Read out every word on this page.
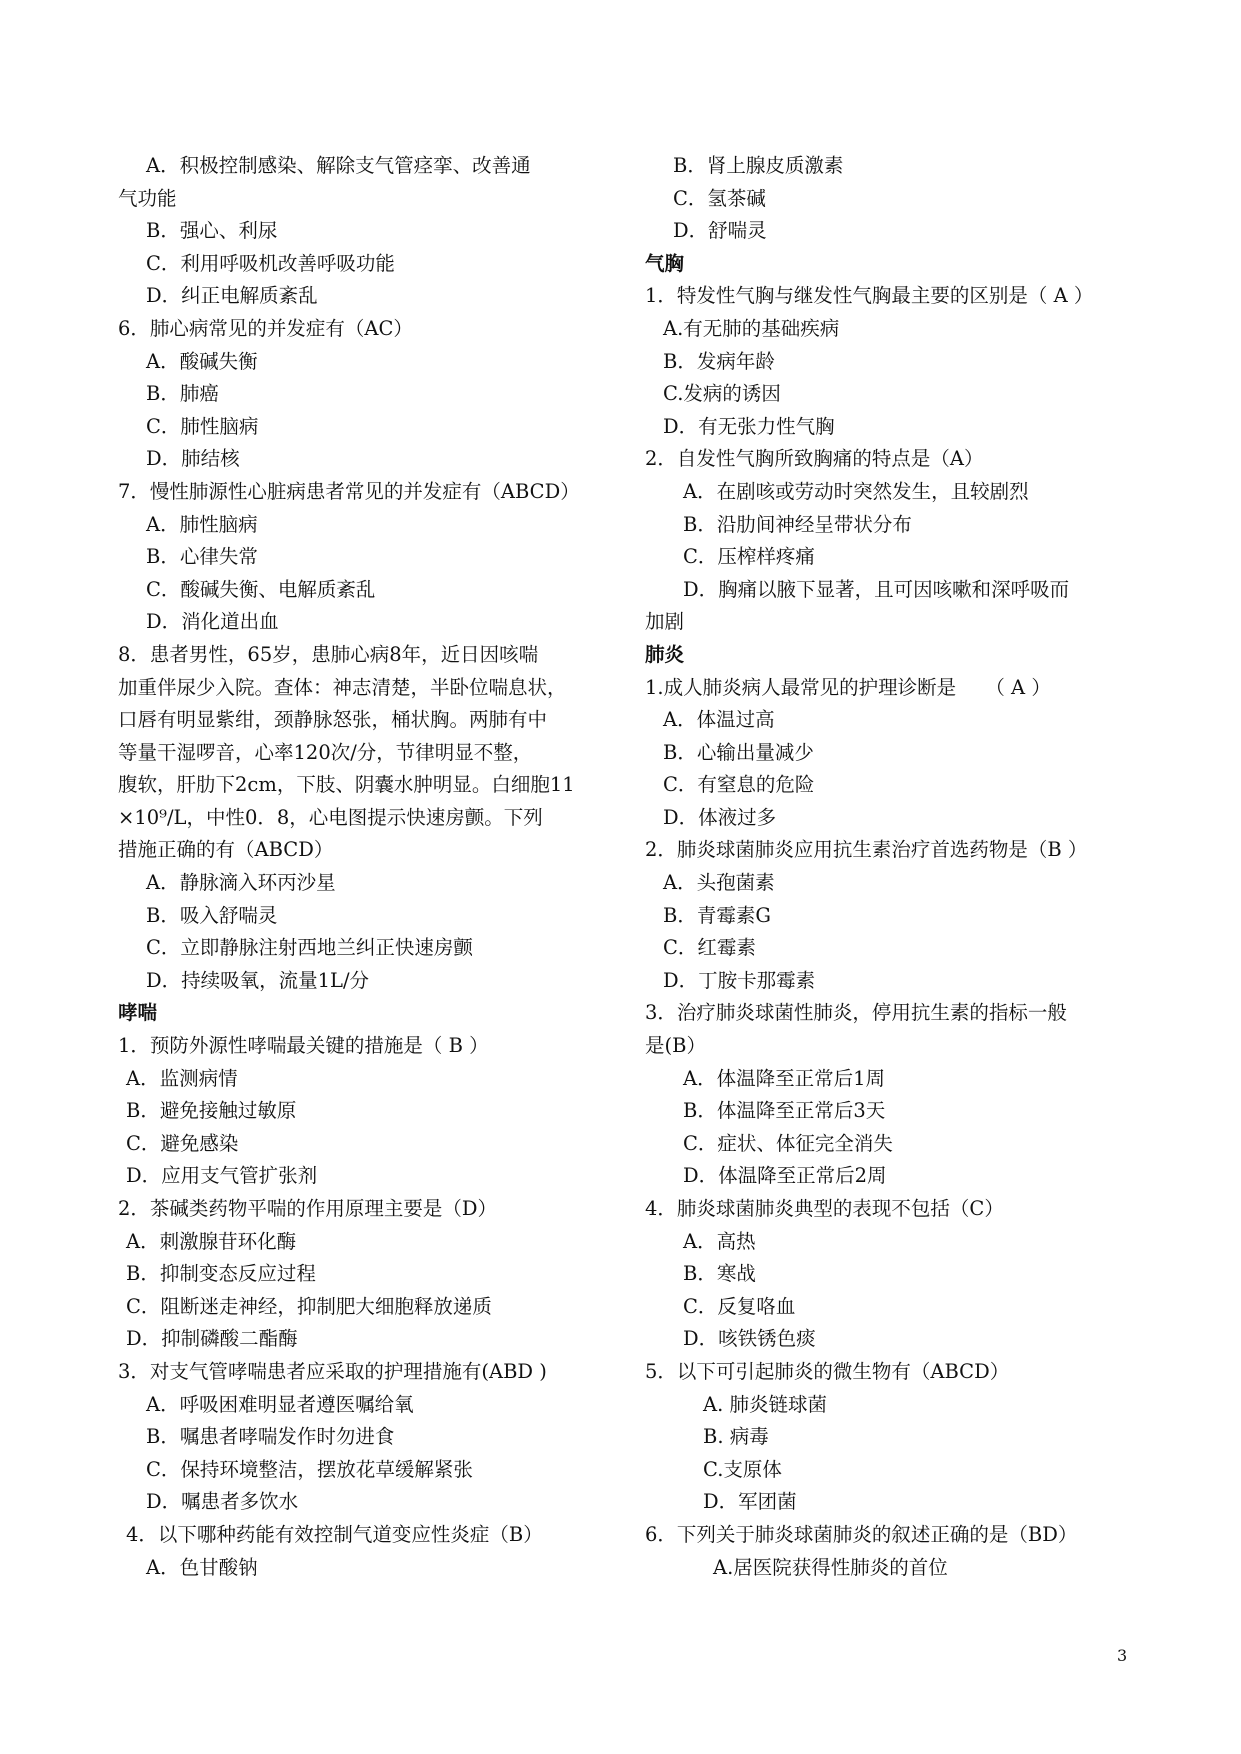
A．积极控制感染、解除支气管痉挛、改善通
气功能
B．强心、利尿
C．利用呼吸机改善呼吸功能
D．纠正电解质紊乱
6．肺心病常见的并发症有（AC）
A．酸碱失衡
B．肺癌
C．肺性脑病
D．肺结核
7．慢性肺源性心脏病患者常见的并发症有（ABCD）
A．肺性脑病
B．心律失常
C．酸碱失衡、电解质紊乱
D．消化道出血
8．患者男性，65岁，患肺心病8年，近日因咳喘
加重伴尿少入院。查体：神志清楚，半卧位喘息状，
口唇有明显紫绀，颈静脉怒张，桶状胸。两肺有中
等量干湿啰音，心率120次/分，节律明显不整，
腹软，肝肋下2cm，下肢、阴囊水肿明显。白细胞11
×10⁹/L，中性0．8，心电图提示快速房颤。下列
措施正确的有（ABCD）
A．静脉滴入环丙沙星
B．吸入舒喘灵
C．立即静脉注射西地兰纠正快速房颤
D．持续吸氧，流量1L/分
哮喘
1．预防外源性哮喘最关键的措施是（ B ）
A．监测病情
B．避免接触过敏原
C．避免感染
D．应用支气管扩张剂
2．茶碱类药物平喘的作用原理主要是（D）
A．刺激腺苷环化酶
B．抑制变态反应过程
C．阻断迷走神经，抑制肥大细胞释放递质
D．抑制磷酸二酯酶
3．对支气管哮喘患者应采取的护理措施有(ABD )
A．呼吸困难明显者遵医嘱给氧
B．嘱患者哮喘发作时勿进食
C．保持环境整洁，摆放花草缓解紧张
D．嘱患者多饮水
4．以下哪种药能有效控制气道变应性炎症（B）
A．色甘酸钠
B．肾上腺皮质激素
C．氢茶碱
D．舒喘灵
气胸
1．特发性气胸与继发性气胸最主要的区别是（ A ）
A.有无肺的基础疾病
B．发病年龄
C.发病的诱因
D．有无张力性气胸
2．自发性气胸所致胸痛的特点是（A）
A．在剧咳或劳动时突然发生，且较剧烈
B．沿肋间神经呈带状分布
C．压榨样疼痛
D．胸痛以腋下显著，且可因咳嗽和深呼吸而
加剧
肺炎
1.成人肺炎病人最常见的护理诊断是　　（ A ）
A．体温过高
B．心输出量减少
C．有窒息的危险
D．体液过多
2．肺炎球菌肺炎应用抗生素治疗首选药物是（B ）
A．头孢菌素
B．青霉素G
C．红霉素
D．丁胺卡那霉素
3．治疗肺炎球菌性肺炎，停用抗生素的指标一般
是(B）
A．体温降至正常后1周
B．体温降至正常后3天
C．症状、体征完全消失
D．体温降至正常后2周
4．肺炎球菌肺炎典型的表现不包括（C）
A．高热
B．寒战
C．反复咯血
D．咳铁锈色痰
5．以下可引起肺炎的微生物有（ABCD）
A. 肺炎链球菌
B. 病毒
C.支原体
D．军团菌
6．下列关于肺炎球菌肺炎的叙述正确的是（BD）
A.居医院获得性肺炎的首位
3
